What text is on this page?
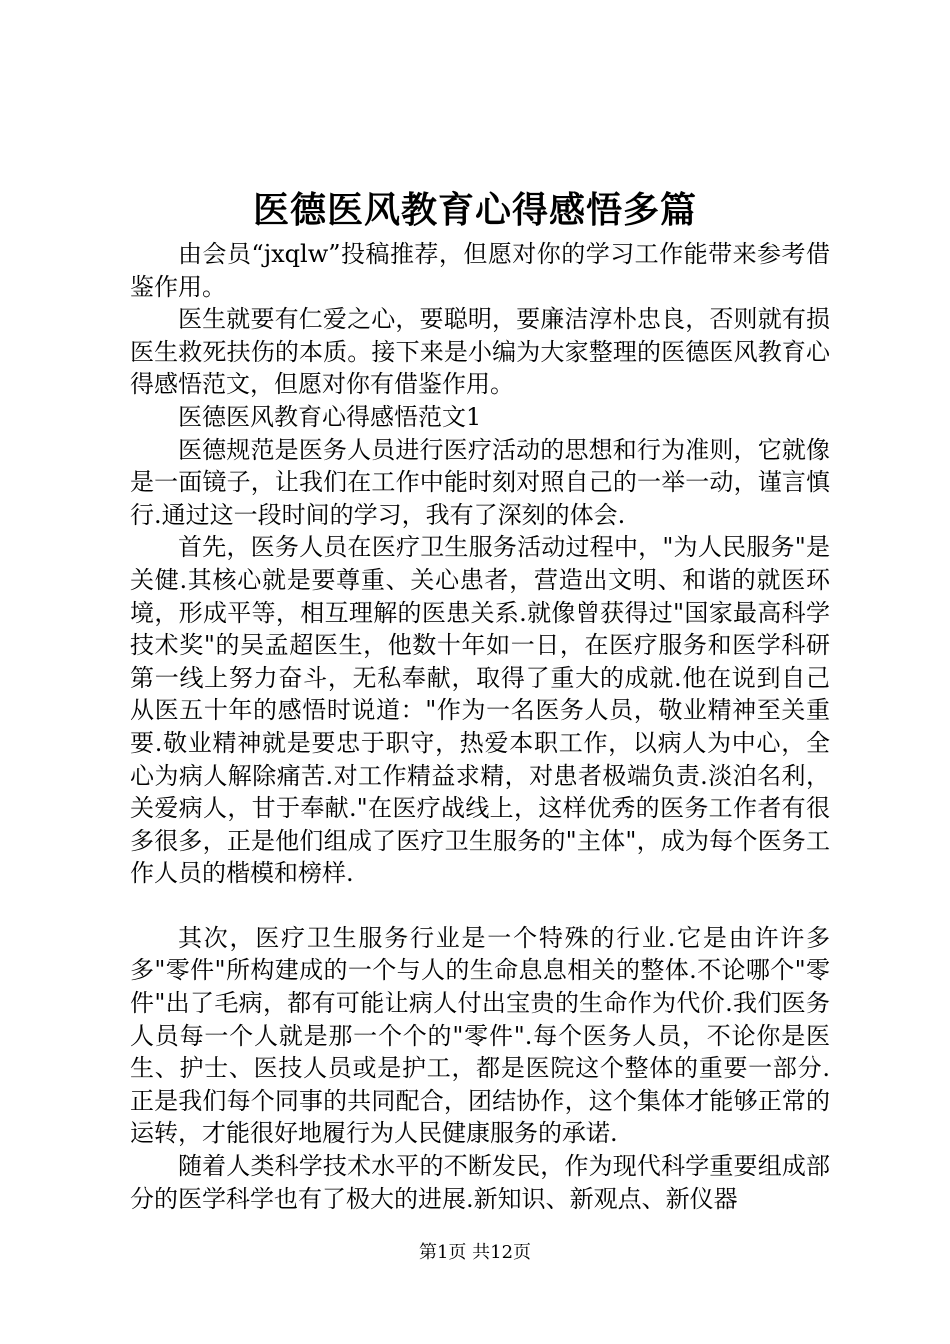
医德医风教育心得感悟多篇

由会员“jxqlw”投稿推荐，但愿对你的学习工作能带来参考借鉴作用。

医生就要有仁爱之心，要聪明，要廉洁淳朴忠良，否则就有损医生救死扶伤的本质。接下来是小编为大家整理的医德医风教育心得感悟范文，但愿对你有借鉴作用。

医德医风教育心得感悟范文1

医德规范是医务人员进行医疗活动的思想和行为准则，它就像是一面镜子，让我们在工作中能时刻对照自己的一举一动，谨言慎行.通过这一段时间的学习，我有了深刻的体会.

首先，医务人员在医疗卫生服务活动过程中，"为人民服务"是关健.其核心就是要尊重、关心患者，营造出文明、和谐的就医环境，形成平等，相互理解的医患关系.就像曾获得过"国家最高科学技术奖"的吴孟超医生，他数十年如一日，在医疗服务和医学科研第一线上努力奋斗，无私奉献，取得了重大的成就.他在说到自己从医五十年的感悟时说道："作为一名医务人员，敬业精神至关重要.敬业精神就是要忠于职守，热爱本职工作，以病人为中心，全心为病人解除痛苦.对工作精益求精，对患者极端负责.淡泊名利，关爱病人，甘于奉献."在医疗战线上，这样优秀的医务工作者有很多很多，正是他们组成了医疗卫生服务的"主体"，成为每个医务工作人员的楷模和榜样.

其次，医疗卫生服务行业是一个特殊的行业.它是由许许多多"零件"所构建成的一个与人的生命息息相关的整体.不论哪个"零件"出了毛病，都有可能让病人付出宝贵的生命作为代价.我们医务人员每一个人就是那一个个的"零件".每个医务人员，不论你是医生、护士、医技人员或是护工，都是医院这个整体的重要一部分.正是我们每个同事的共同配合，团结协作，这个集体才能够正常的运转，才能很好地履行为人民健康服务的承诺.

随着人类科学技术水平的不断发民，作为现代科学重要组成部分的医学科学也有了极大的进展.新知识、新观点、新仪器

第1页 共12页
